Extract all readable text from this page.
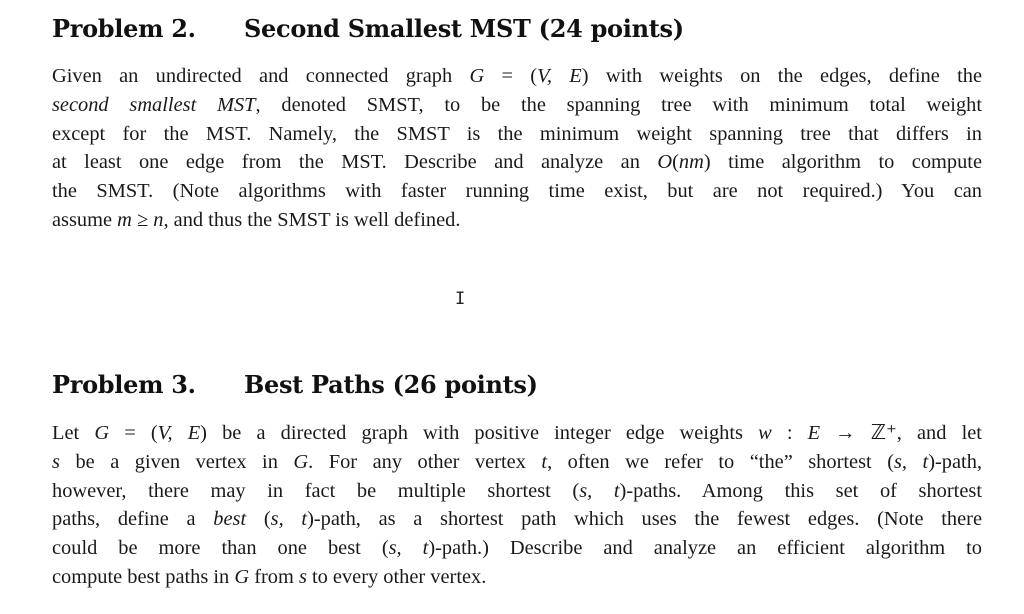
Problem 2. Second Smallest MST (24 points)
Given an undirected and connected graph G = (V, E) with weights on the edges, define the
second smallest MST, denoted SMST, to be the spanning tree with minimum total weight
except for the MST. Namely, the SMST is the minimum weight spanning tree that differs in
at least one edge from the MST. Describe and analyze an O(nm) time algorithm to compute
the SMST. (Note algorithms with faster running time exist, but are not required.) You can
assume m ≥ n, and thus the SMST is well defined.
I
Problem 3. Best Paths (26 points)
Let G = (V, E) be a directed graph with positive integer edge weights w : E → ℤ⁺, and let
s be a given vertex in G. For any other vertex t, often we refer to “the” shortest (s, t)-path,
however, there may in fact be multiple shortest (s, t)-paths. Among this set of shortest
paths, define a best (s, t)-path, as a shortest path which uses the fewest edges. (Note there
could be more than one best (s, t)-path.) Describe and analyze an efficient algorithm to
compute best paths in G from s to every other vertex.
